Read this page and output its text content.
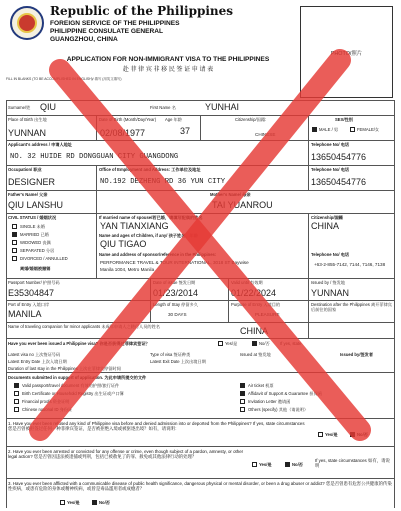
Republic of the Philippines
FOREIGN SERVICE OF THE PHILIPPINES
PHILIPPINE CONSULATE GENERAL
GUANGZHOU, CHINA
APPLICATION FOR NON-IMMIGRANT VISA TO THE PHILIPPINES
赴 菲 律 宾 非 移 民 签 证 申 请 表
FILL IN BLANKS (TO BE ACCOMPLISHED IN ENGLISH)/ 填写 (用英文填写)
PHOTO/照片
Surname/姓 QIU	First Name 名	YUNHAI
Place of Birth 出生地
YUNNAN
Date of Birth (Month/Day/Year)
02/08/1977
Age 年龄
37
Citizenship/国籍:
CHINESE
SEX/性别
MALE / 男	FEMALE/女
Applicant's address / 申请人地址
NO. 32 HUIDE RD DONGGUAN CITY GUANGDONG
Telephone No/ 电话
13650454776
Occupation/ 职业
DESIGNER
Office of Employment and Address: 工作单位及地址
NO.192 DEZHENG RD 36 YUN CITY
Telephone No/ 电话
13650454776
Father's Name/ 父亲
QIU LANSHU
Mother's Name/ 母亲
TAI YUANROU
CIVIL STATUS / 婚姻状况
SINGLE 未婚
MARRIED 已婚
WIDOWED 丧偶
SEPARATED 分居
DIVORCED / ANNULLED
离婚/婚姻被撤销
If married name of spouse/若已婚，请填写配偶的姓名
YAN TIANXIANG
Citizenship/国籍
CHINA
Name and ages of Children, if any/ 孩子姓名、年龄
QIU TIGAO
Name and address of sponsor/reference in the Philippines:
PERFORMANCE TRAVEL & TOUR INTERNATIONAL, 3018 ST Baywise
Manila 1004, Metro Manila
Telephone No/ 电话
+63-2-855-7142, 7144, 7146, 7138
Passport Number/ 护照号码
E35304847
Date of issue 签发日期
01/23/2014
Valid until 有效期
01/22/2024
Issued by / 签发地
YUNNAN
Port of Entry 入境口岸
MANILA
Length of Stay 停留多久
30 DAYS
Purpose of Entry 入境目的
PLEASURE
Destination after the Philippines 离开菲律宾后前往的国家
CHINA
Name of traveling companion for minor applicants 未成年申请人之随行人员的姓名
Have you ever been issued a Philippine visa? 你是否获得过菲律宾签证？	Yes/是	No/否 If yes, state
Latest visa no 上次签证号码	Type of visa 签证种类	Issued at 签发地	Issued by/签发者
Latest Entry Date 上次入境日期	Latest Exit Date 上次出境日期
Duration of last stay in the Philippines 上次在菲律宾停留时间
Documents submitted in support of application. 为此申请所提交的文件
Valid passport/travel document 有效的护照/旅行证件
Birth Certificate or Household Registry 出生证或户口簿
Financial proofs 资金证明
Chinese national ID 身份证
Air ticket 机票
Affidavit of Support & Guarantee 担保函
Invitation Letter 邀请函
Others (specify) 其他（请说明）
1. Have you ever been refused any kind of Philippine visa before and denied admission into or deported from the Philippines? If yes, state circumstances 您是否曾被拒签过任何一种菲律宾签证，是否被拒绝入境或被驱逐出境？如有，请说明：
Yes/是	No/否
2. Have you ever been arrested or convicted for any offense or crime, even though subject of a pardon, amnesty, or other legal action? 您是否曾因违法被逮捕或判刑，包括已被赦免了的罪、赦免或其他法律行动的处理？
Yes/是	No/否
If yes, state circumstances 如有，请说明
3. Have you ever been afflicted with a communicable disease of public health significance, dangerous physical or mental disorder, or been a drug abuser or addict? 您是否曾患有危害公共健康的传染性疾病，或患有危险的身体或精神疾病，或曾是毒品滥用者或成瘾者？
Yes/是	No/否
